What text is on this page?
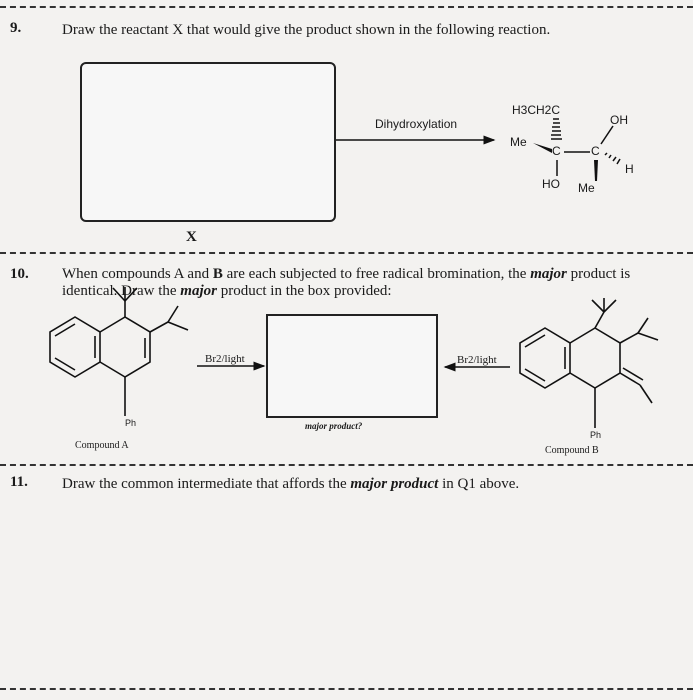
9.	Draw the reactant X that would give the product shown in the following reaction.
X
Dihydroxylation
H3CH2C
OH
Me
C	C
H
HO Me
10. When compounds A and B are each subjected to free radical bromination, the major product is identical. Draw the major product in the box provided:
major product?
Br2/light	Br2/light
Ph
Ph
Compound A	Compound B
11. Draw the common intermediate that affords the major product in Q1 above.
